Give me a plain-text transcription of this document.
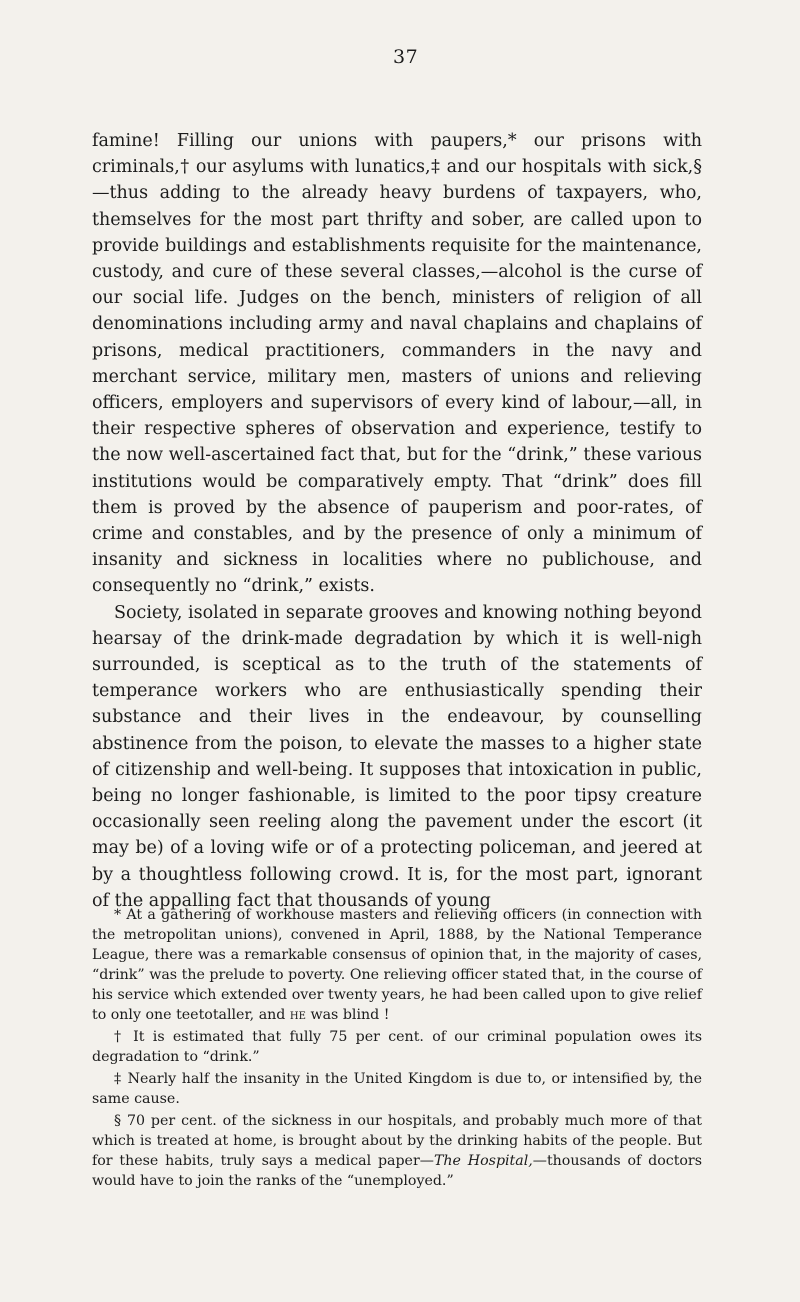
37

famine! Filling our unions with paupers,* our prisons with criminals,† our asylums with lunatics,‡ and our hospitals with sick,§—thus adding to the already heavy burdens of taxpayers, who, themselves for the most part thrifty and sober, are called upon to provide buildings and establishments requisite for the maintenance, custody, and cure of these several classes,—alcohol is the curse of our social life. Judges on the bench, ministers of religion of all denominations including army and naval chaplains and chaplains of prisons, medical practitioners, commanders in the navy and merchant service, military men, masters of unions and relieving officers, employers and supervisors of every kind of labour,—all, in their respective spheres of observation and experience, testify to the now well-ascertained fact that, but for the “drink,” these various institutions would be comparatively empty. That “drink” does fill them is proved by the absence of pauperism and poor-rates, of crime and constables, and by the presence of only a minimum of insanity and sickness in localities where no publichouse, and consequently no “drink,” exists.

Society, isolated in separate grooves and knowing nothing beyond hearsay of the drink-made degradation by which it is well-nigh surrounded, is sceptical as to the truth of the statements of temperance workers who are enthusiastically spending their substance and their lives in the endeavour, by counselling abstinence from the poison, to elevate the masses to a higher state of citizenship and well-being. It supposes that intoxication in public, being no longer fashionable, is limited to the poor tipsy creature occasionally seen reeling along the pavement under the escort (it may be) of a loving wife or of a protecting policeman, and jeered at by a thoughtless following crowd. It is, for the most part, ignorant of the appalling fact that thousands of young

* At a gathering of workhouse masters and relieving officers (in connection with the metropolitan unions), convened in April, 1888, by the National Temperance League, there was a remarkable consensus of opinion that, in the majority of cases, “drink” was the prelude to poverty. One relieving officer stated that, in the course of his service which extended over twenty years, he had been called upon to give relief to only one teetotaller, and he was blind !

† It is estimated that fully 75 per cent. of our criminal population owes its degradation to “drink.”

‡ Nearly half the insanity in the United Kingdom is due to, or intensified by, the same cause.

§ 70 per cent. of the sickness in our hospitals, and probably much more of that which is treated at home, is brought about by the drinking habits of the people. But for these habits, truly says a medical paper—The Hospital,—thousands of doctors would have to join the ranks of the “unemployed.”
